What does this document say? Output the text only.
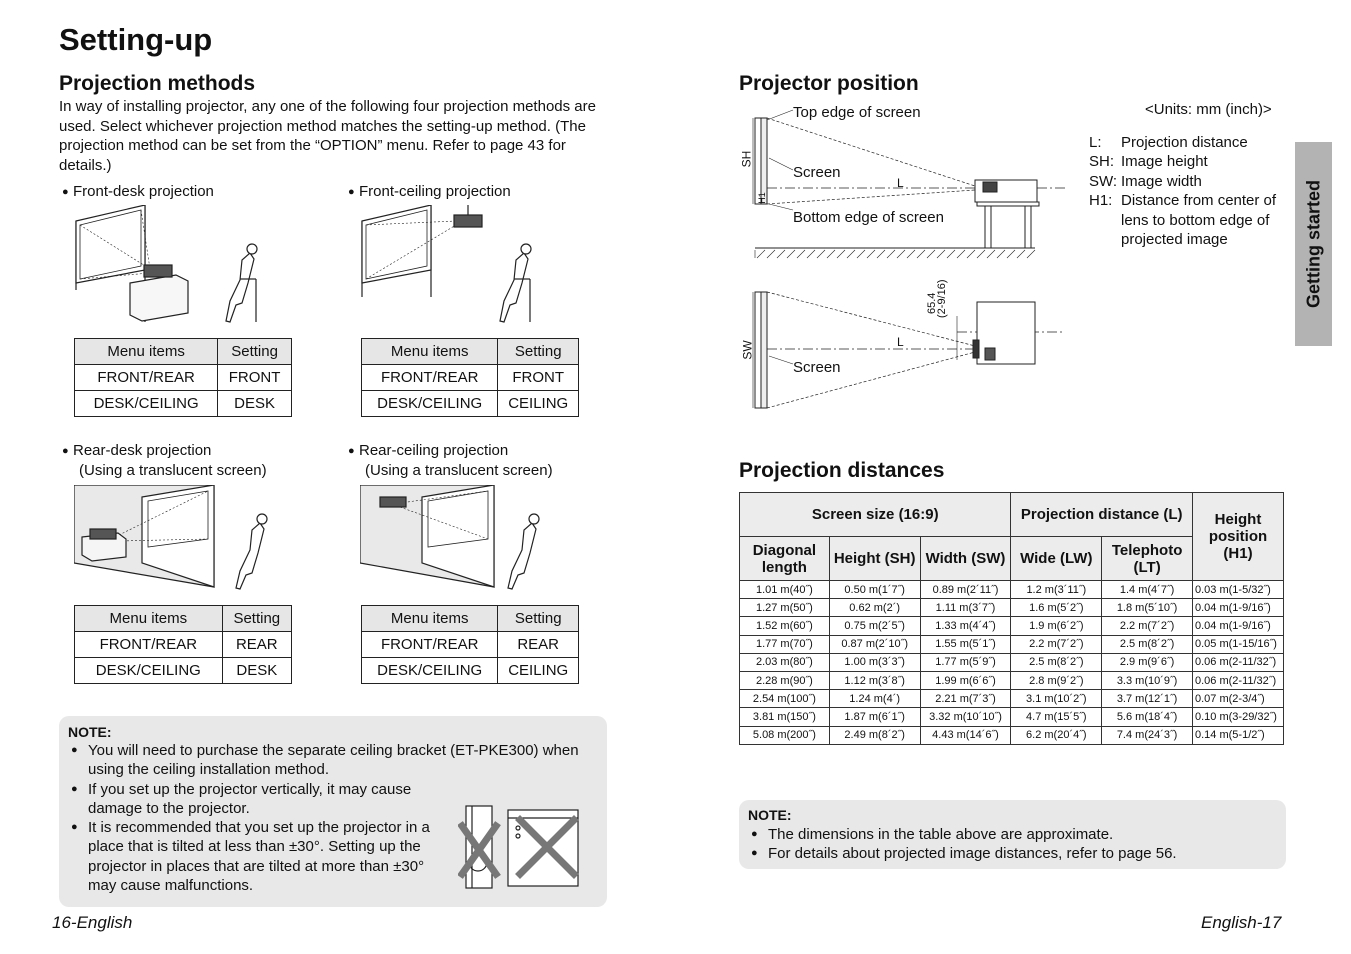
Setting-up
Projection methods

In way of installing projector, any one of the following four projection methods are used. Select whichever projection method matches the setting-up method. (The projection method can be set from the “OPTION” menu. Refer to page 43 for details.)

● Front-desk projection	● Front-ceiling projection
● Rear-desk projection
(Using a translucent screen)
● Rear-ceiling projection
(Using a translucent screen)
Menu items	Setting
FRONT/REAR	FRONT
DESK/CEILING	DESK
Menu items	Setting
FRONT/REAR	FRONT
DESK/CEILING	CEILING
Menu items	Setting
FRONT/REAR	REAR
DESK/CEILING	DESK
Menu items	Setting
FRONT/REAR	REAR
DESK/CEILING	CEILING
NOTE:
● You will need to purchase the separate ceiling bracket (ET-PKE300) when using the ceiling installation method.
● If you set up the projector vertically, it may cause damage to the projector.
● It is recommended that you set up the projector in a place that is tilted at less than ±30°. Setting up the projector in places that are tilted at more than ±30° may cause malfunctions.
16-English
Projector position
<Units: mm (inch)>
Top edge of screen
Screen
Bottom edge of screen
SH
H1
L
SW
Screen
L
65.4
(2-9/16)
L:	Projection distance
SH: Image height
SW: Image width
H1: Distance from center of lens to bottom edge of projected image	Getting started
Projection distances
Screen size (16:9)			Projection distance (L)		Height position (H1)
Diagonal length	Height (SH)	Width (SW)	Wide (LW)	Telephoto (LT)	
1.01 m(40˝)	0.50 m(1´7˝)	0.89 m(2´11˝)	1.2 m(3´11˝)	1.4 m(4´7˝)	0.03 m(1-5/32˝)
1.27 m(50˝)	0.62 m(2´)	1.11 m(3´7˝)	1.6 m(5´2˝)	1.8 m(5´10˝)	0.04 m(1-9/16˝)
1.52 m(60˝)	0.75 m(2´5˝)	1.33 m(4´4˝)	1.9 m(6´2˝)	2.2 m(7´2˝)	0.04 m(1-9/16˝)
1.77 m(70˝)	0.87 m(2´10˝)	1.55 m(5´1˝)	2.2 m(7´2˝)	2.5 m(8´2˝)	0.05 m(1-15/16˝)
2.03 m(80˝)	1.00 m(3´3˝)	1.77 m(5´9˝)	2.5 m(8´2˝)	2.9 m(9´6˝)	0.06 m(2-11/32˝)
2.28 m(90˝)	1.12 m(3´8˝)	1.99 m(6´6˝)	2.8 m(9´2˝)	3.3 m(10´9˝)	0.06 m(2-11/32˝)
2.54 m(100˝)	1.24 m(4´)	2.21 m(7´3˝)	3.1 m(10´2˝)	3.7 m(12´1˝)	0.07 m(2-3/4˝)
3.81 m(150˝)	1.87 m(6´1˝)	3.32 m(10´10˝)	4.7 m(15´5˝)	5.6 m(18´4˝)	0.10 m(3-29/32˝)
5.08 m(200˝)	2.49 m(8´2˝)	4.43 m(14´6˝)	6.2 m(20´4˝)	7.4 m(24´3˝)	0.14 m(5-1/2˝)
NOTE:
● The dimensions in the table above are approximate.
● For details about projected image distances, refer to page 56.
English-17
